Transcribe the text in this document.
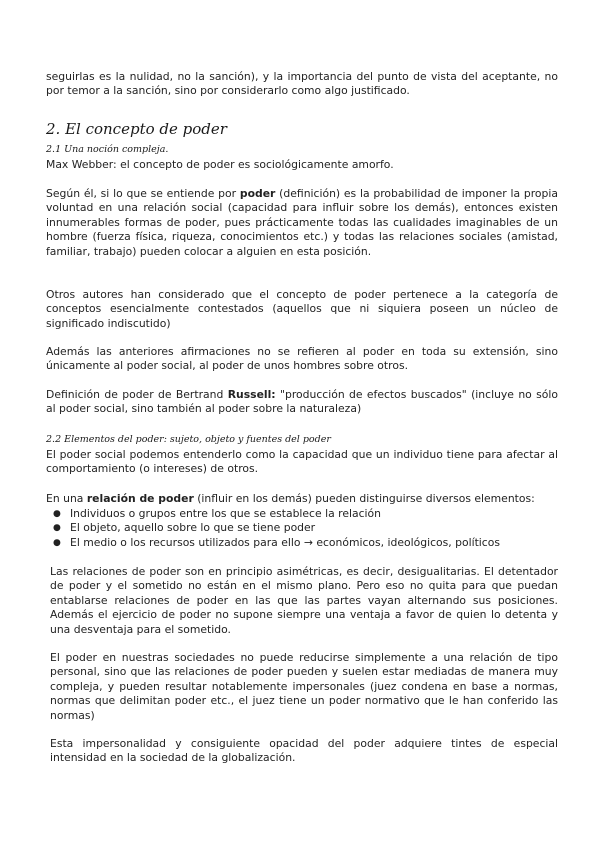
seguirlas es la nulidad, no la sanción), y la importancia del punto de vista del aceptante, no por temor a la sanción, sino por considerarlo como algo justificado.

2. El concepto de poder
2.1 Una noción compleja.

Max Webber: el concepto de poder es sociológicamente amorfo.

Según él, si lo que se entiende por poder (definición) es la probabilidad de imponer la propia voluntad en una relación social (capacidad para influir sobre los demás), entonces existen innumerables formas de poder, pues prácticamente todas las cualidades imaginables de un hombre (fuerza física, riqueza, conocimientos etc.) y todas las relaciones sociales (amistad, familiar, trabajo) pueden colocar a alguien en esta posición.

Otros autores han considerado que el concepto de poder pertenece a la categoría de conceptos esencialmente contestados (aquellos que ni siquiera poseen un núcleo de significado indiscutido)

Además las anteriores afirmaciones no se refieren al poder en toda su extensión, sino únicamente al poder social, al poder de unos hombres sobre otros.

Definición de poder de Bertrand Russell: "producción de efectos buscados" (incluye no sólo al poder social, sino también al poder sobre la naturaleza)

2.2 Elementos del poder: sujeto, objeto y fuentes del poder

El poder social podemos entenderlo como la capacidad que un individuo tiene para afectar al comportamiento (o intereses) de otros.

En una relación de poder (influir en los demás) pueden distinguirse diversos elementos:

● Individuos o grupos entre los que se establece la relación
● El objeto, aquello sobre lo que se tiene poder
● El medio o los recursos utilizados para ello → económicos, ideológicos, políticos

Las relaciones de poder son en principio asimétricas, es decir, desigualitarias. El detentador de poder y el sometido no están en el mismo plano. Pero eso no quita para que puedan entablarse relaciones de poder en las que las partes vayan alternando sus posiciones. Además el ejercicio de poder no supone siempre una ventaja a favor de quien lo detenta y una desventaja para el sometido.

El poder en nuestras sociedades no puede reducirse simplemente a una relación de tipo personal, sino que las relaciones de poder pueden y suelen estar mediadas de manera muy compleja, y pueden resultar notablemente impersonales (juez condena en base a normas, normas que delimitan poder etc., el juez tiene un poder normativo que le han conferido las normas)

Esta impersonalidad y consiguiente opacidad del poder adquiere tintes de especial intensidad en la sociedad de la globalización.
